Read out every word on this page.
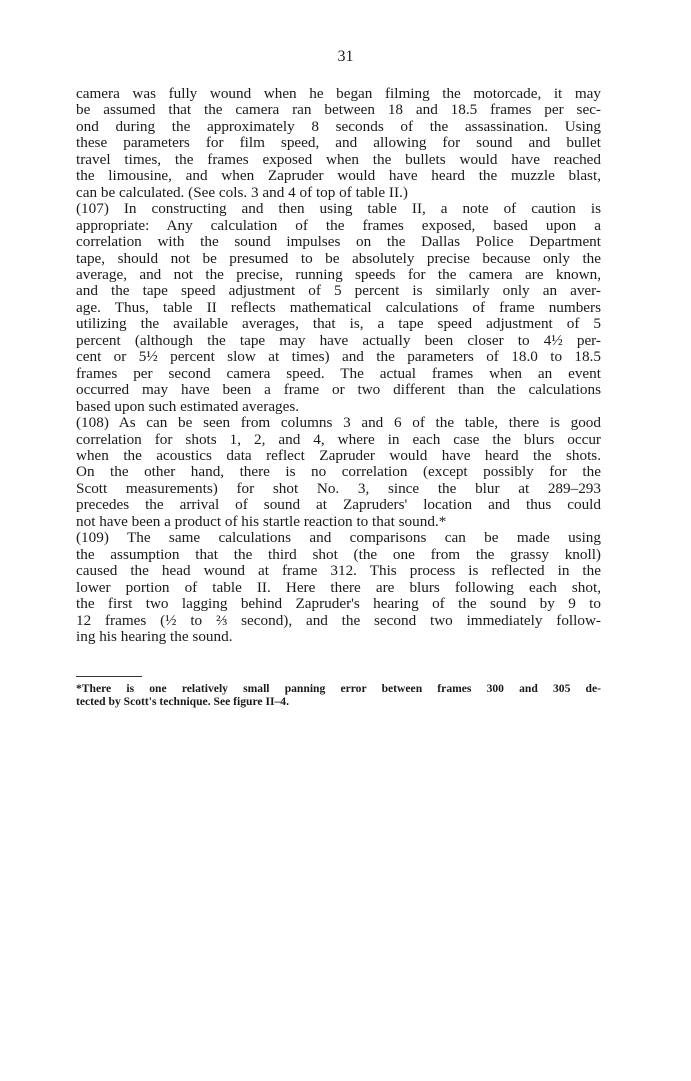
31
camera was fully wound when he began filming the motorcade, it may
be assumed that the camera ran between 18 and 18.5 frames per sec-
ond during the approximately 8 seconds of the assassination. Using
these parameters for film speed, and allowing for sound and bullet
travel times, the frames exposed when the bullets would have reached
the limousine, and when Zapruder would have heard the muzzle blast,
can be calculated. (See cols. 3 and 4 of top of table II.)
(107) In constructing and then using table II, a note of caution is
appropriate: Any calculation of the frames exposed, based upon a
correlation with the sound impulses on the Dallas Police Department
tape, should not be presumed to be absolutely precise because only the
average, and not the precise, running speeds for the camera are known,
and the tape speed adjustment of 5 percent is similarly only an aver-
age. Thus, table II reflects mathematical calculations of frame numbers
utilizing the available averages, that is, a tape speed adjustment of 5
percent (although the tape may have actually been closer to 4½ per-
cent or 5½ percent slow at times) and the parameters of 18.0 to 18.5
frames per second camera speed. The actual frames when an event
occurred may have been a frame or two different than the calculations
based upon such estimated averages.
(108) As can be seen from columns 3 and 6 of the table, there is good
correlation for shots 1, 2, and 4, where in each case the blurs occur
when the acoustics data reflect Zapruder would have heard the shots.
On the other hand, there is no correlation (except possibly for the
Scott measurements) for shot No. 3, since the blur at 289–293
precedes the arrival of sound at Zapruders' location and thus could
not have been a product of his startle reaction to that sound.*
(109) The same calculations and comparisons can be made using
the assumption that the third shot (the one from the grassy knoll)
caused the head wound at frame 312. This process is reflected in the
lower portion of table II. Here there are blurs following each shot,
the first two lagging behind Zapruder's hearing of the sound by 9 to
12 frames (½ to ⅔ second), and the second two immediately follow-
ing his hearing the sound.
*There is one relatively small panning error between frames 300 and 305 de-
tected by Scott's technique. See figure II–4.
